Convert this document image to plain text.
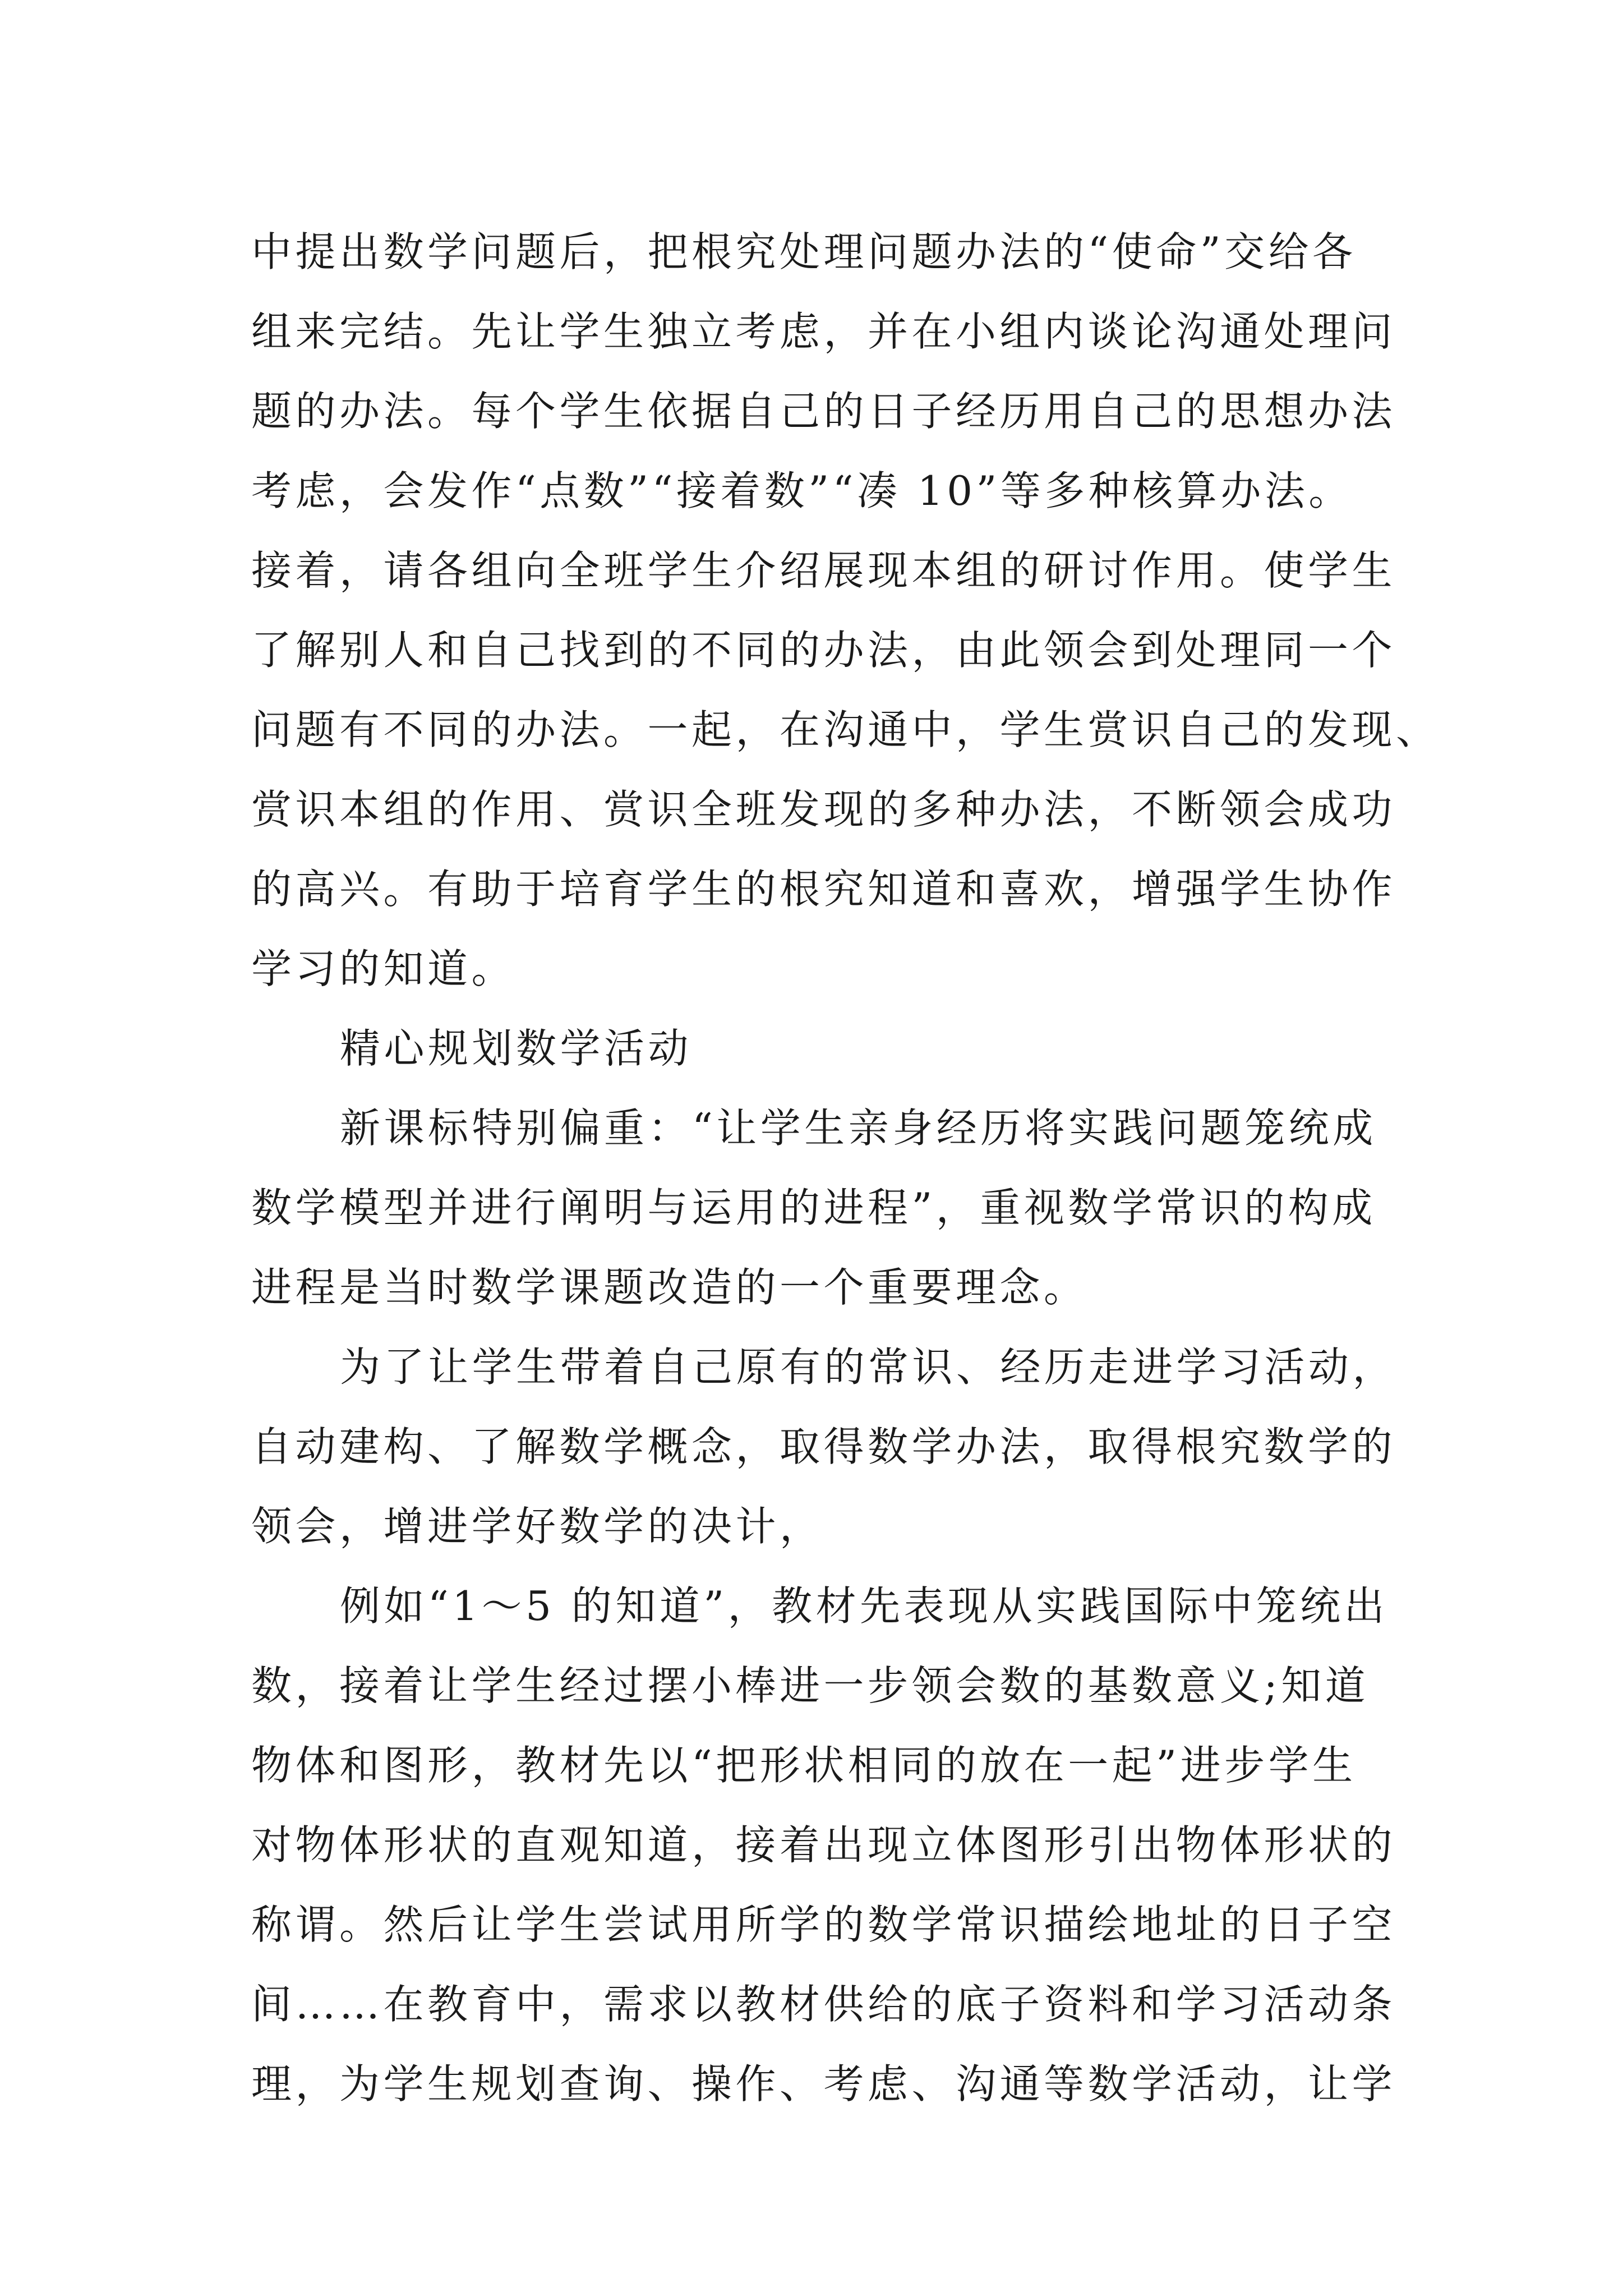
中提出数学问题后，把根究处理问题办法的“使命”交给各
组来完结。先让学生独立考虑，并在小组内谈论沟通处理问
题的办法。每个学生依据自己的日子经历用自己的思想办法
考虑，会发作“点数”“接着数”“凑 10”等多种核算办法。
接着，请各组向全班学生介绍展现本组的研讨作用。使学生
了解别人和自己找到的不同的办法，由此领会到处理同一个
问题有不同的办法。一起，在沟通中，学生赏识自己的发现、
赏识本组的作用、赏识全班发现的多种办法，不断领会成功
的高兴。有助于培育学生的根究知道和喜欢，增强学生协作
学习的知道。
精心规划数学活动
新课标特别偏重：“让学生亲身经历将实践问题笼统成
数学模型并进行阐明与运用的进程”，重视数学常识的构成
进程是当时数学课题改造的一个重要理念。
为了让学生带着自己原有的常识、经历走进学习活动，
自动建构、了解数学概念，取得数学办法，取得根究数学的
领会，增进学好数学的决计，
例如“1～5 的知道”，教材先表现从实践国际中笼统出
数，接着让学生经过摆小棒进一步领会数的基数意义;知道
物体和图形，教材先以“把形状相同的放在一起”进步学生
对物体形状的直观知道，接着出现立体图形引出物体形状的
称谓。然后让学生尝试用所学的数学常识描绘地址的日子空
间……在教育中，需求以教材供给的底子资料和学习活动条
理，为学生规划查询、操作、考虑、沟通等数学活动，让学
